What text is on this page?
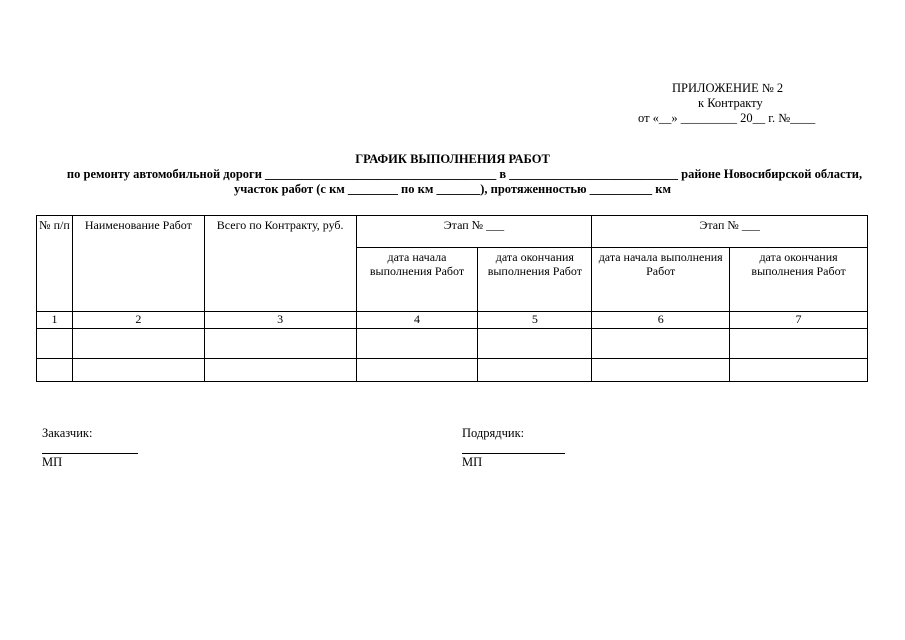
ПРИЛОЖЕНИЕ № 2
к Контракту
от «__» _________ 20__ г. №____
ГРАФИК ВЫПОЛНЕНИЯ РАБОТ
по ремонту автомобильной дороги _____________________________________ в ___________________________ районе Новосибирской области,
участок работ (с км ________ по км _______), протяженностью __________ км
№ п/п	Наименование Работ	Всего по Контракту, руб.	Этап № ___		Этап № ___	
			дата начала выполнения Работ	дата окончания выполнения Работ	дата начала выполнения Работ	дата окончания выполнения Работ
1	2	3	4	5	6	7

Заказчик:
МП
Подрядчик:
МП
